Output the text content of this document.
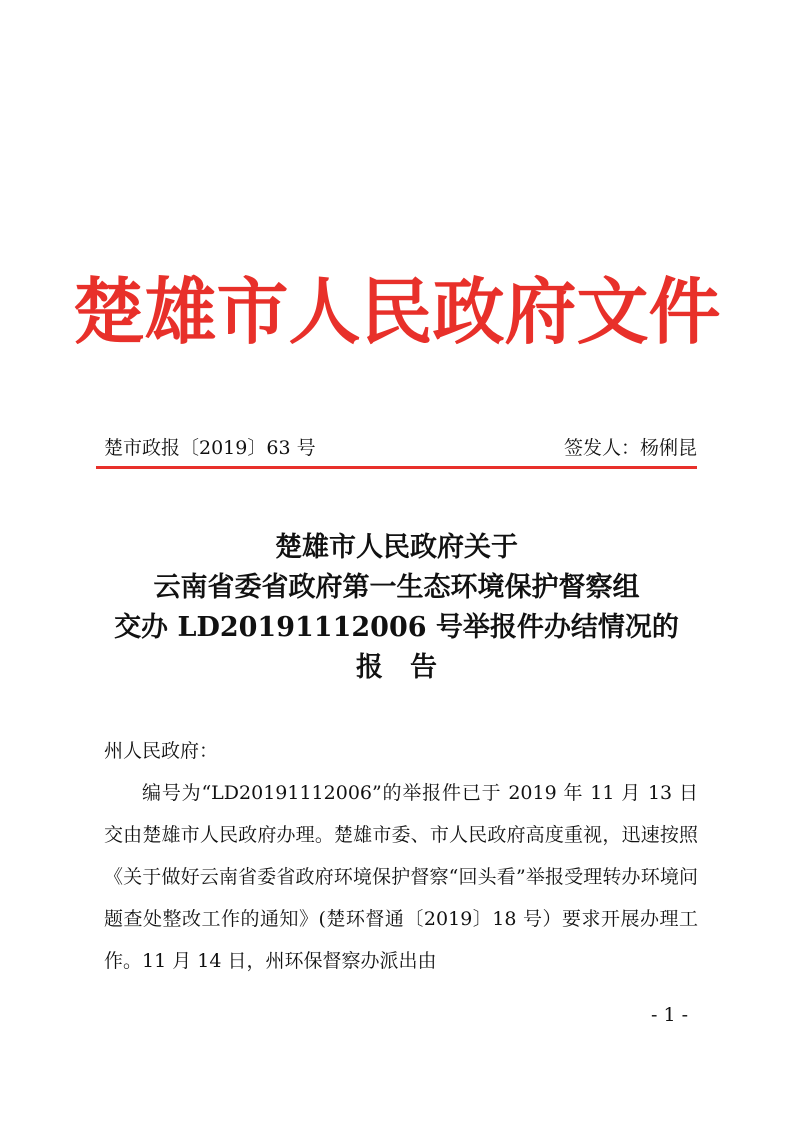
楚雄市人民政府文件
楚市政报〔2019〕63 号	签发人：杨俐昆
楚雄市人民政府关于
云南省委省政府第一生态环境保护督察组
交办 LD20191112006 号举报件办结情况的
报　告

州人民政府：

编号为“LD20191112006”的举报件已于 2019 年 11 月 13 日交由楚雄市人民政府办理。楚雄市委、市人民政府高度重视，迅速按照《关于做好云南省委省政府环境保护督察“回头看”举报受理转办环境问题查处整改工作的通知》(楚环督通〔2019〕18 号）要求开展办理工作。11 月 14 日，州环保督察办派出由

- 1 -
